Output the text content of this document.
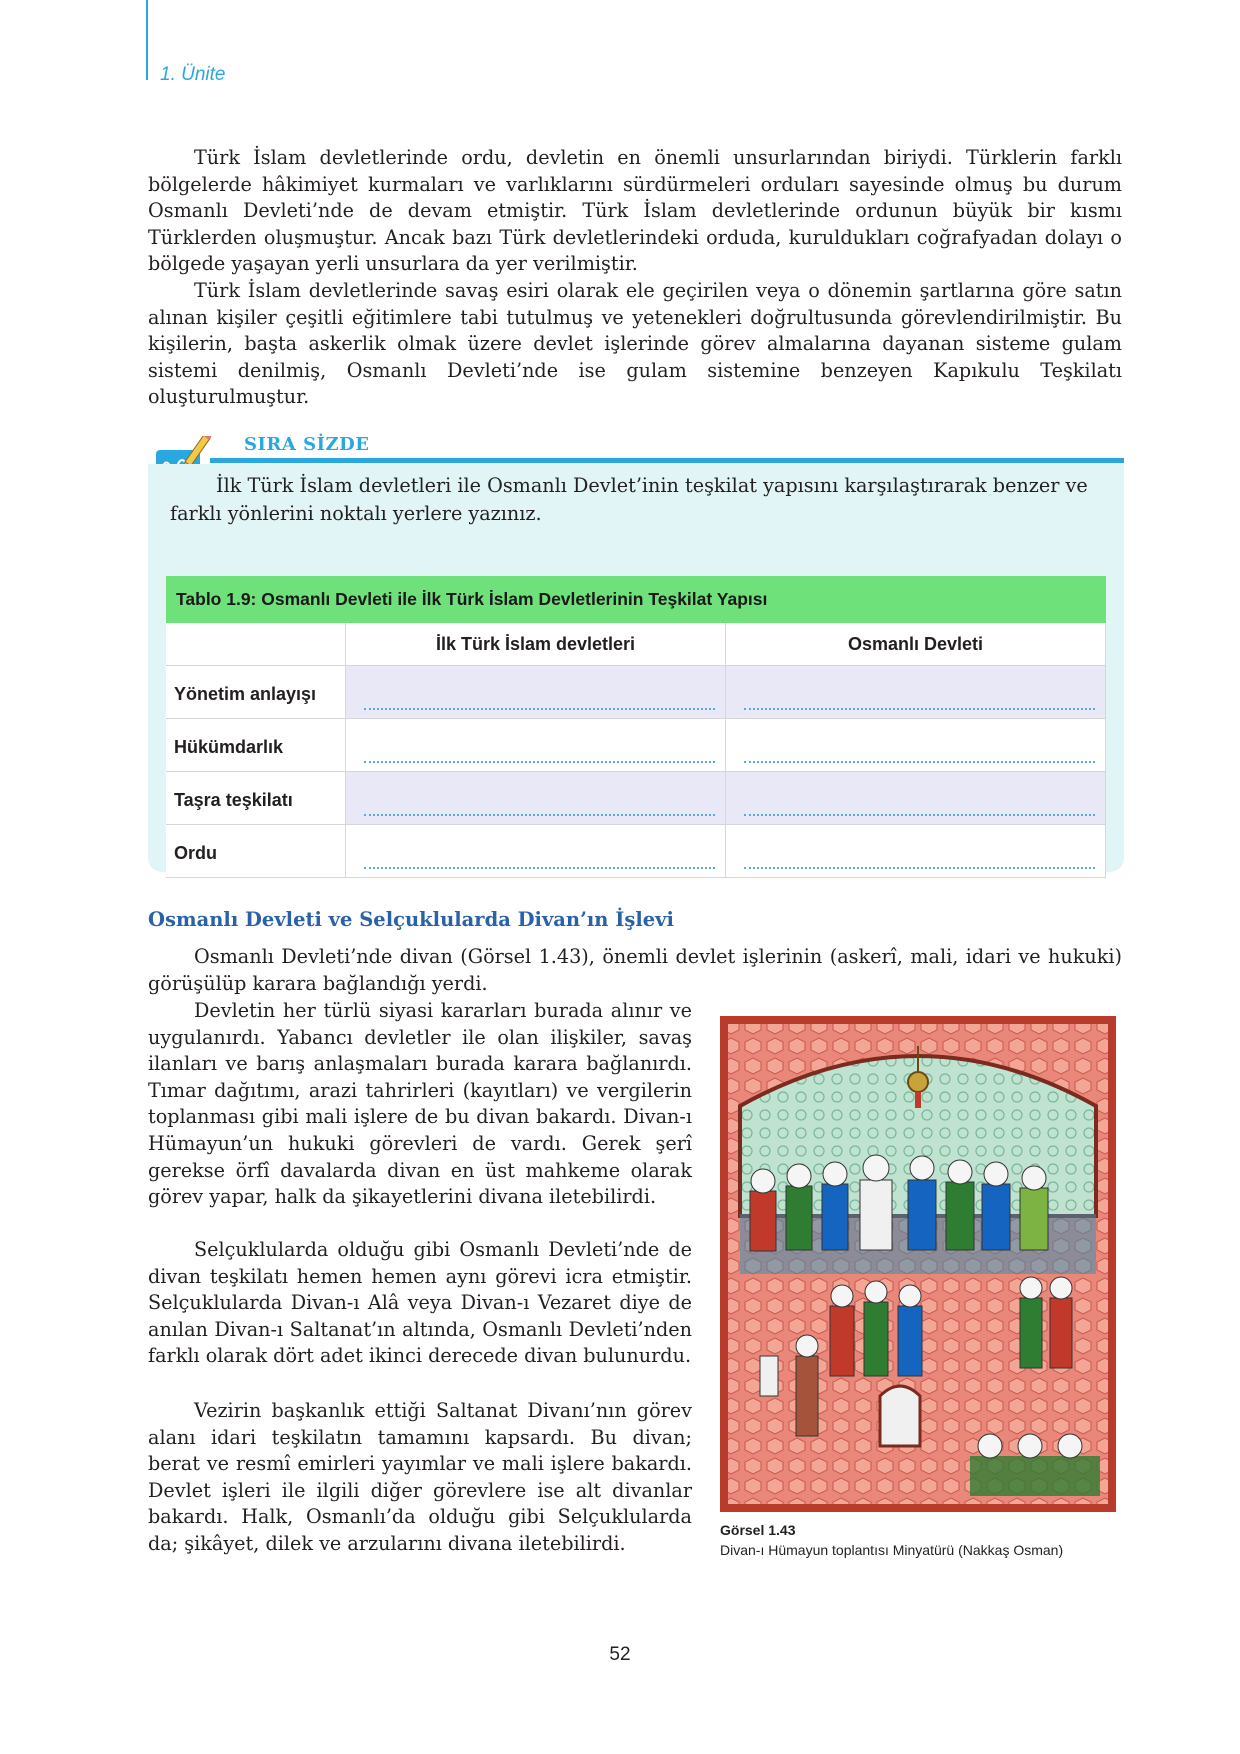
1. Ünite

Türk İslam devletlerinde ordu, devletin en önemli unsurlarından biriydi. Türklerin farklı bölgelerde hâkimiyet kurmaları ve varlıklarını sürdürmeleri orduları sayesinde olmuş bu durum Osmanlı Devleti’nde de devam etmiştir. Türk İslam devletlerinde ordunun büyük bir kısmı Türklerden oluşmuştur. Ancak bazı Türk devletlerindeki orduda, kuruldukları coğrafyadan dolayı o bölgede yaşayan yerli unsurlara da yer verilmiştir.

Türk İslam devletlerinde savaş esiri olarak ele geçirilen veya o dönemin şartlarına göre satın alınan kişiler çeşitli eğitimlere tabi tutulmuş ve yetenekleri doğrultusunda görevlendirilmiştir. Bu kişilerin, başta askerlik olmak üzere devlet işlerinde görev almalarına dayanan sisteme gulam sistemi denilmiş, Osmanlı Devleti’nde ise gulam sistemine benzeyen Kapıkulu Teşkilatı oluşturulmuştur.

SIRA SİZDE

İlk Türk İslam devletleri ile Osmanlı Devlet’inin teşkilat yapısını karşılaştırarak benzer ve farklı yönlerini noktalı yerlere yazınız.

Tablo 1.9: Osmanlı Devleti ile İlk Türk İslam Devletlerinin Teşkilat Yapısı
İlk Türk İslam devletleri	Osmanlı Devleti
Yönetim anlayışı
Hükümdarlık
Taşra teşkilatı
Ordu
Osmanlı Devleti ve Selçuklularda Divan’ın İşlevi

Osmanlı Devleti’nde divan (Görsel 1.43), önemli devlet işlerinin (askerî, mali, idari ve hukuki) görüşülüp karara bağlandığı yerdi.

Devletin her türlü siyasi kararları burada alınır ve uygulanırdı. Yabancı devletler ile olan ilişkiler, savaş ilanları ve barış anlaşmaları burada karara bağlanırdı. Tımar dağıtımı, arazi tahrirleri (kayıtları) ve vergilerin toplanması gibi mali işlere de bu divan bakardı. Divan-ı Hümayun’un hukuki görevleri de vardı. Gerek şerî gerekse örfî davalarda divan en üst mahkeme olarak görev yapar, halk da şikayetlerini divana iletebilirdi.

Selçuklularda olduğu gibi Osmanlı Devleti’nde de divan teşkilatı hemen hemen aynı görevi icra etmiştir. Selçuklularda Divan-ı Alâ veya Divan-ı Vezaret diye de anılan Divan-ı Saltanat’ın altında, Osmanlı Devleti’nden farklı olarak dört adet ikinci derecede divan bulunurdu.

Vezirin başkanlık ettiği Saltanat Divanı’nın görev alanı idari teşkilatın tamamını kapsardı. Bu divan; berat ve resmî emirleri yayımlar ve mali işlere bakardı. Devlet işleri ile ilgili diğer görevlere ise alt divanlar bakardı. Halk, Osmanlı’da olduğu gibi Selçuklularda da; şikâyet, dilek ve arzularını divana iletebilirdi.

Görsel 1.43

Divan-ı Hümayun toplantısı Minyatürü (Nakkaş Osman)

52
